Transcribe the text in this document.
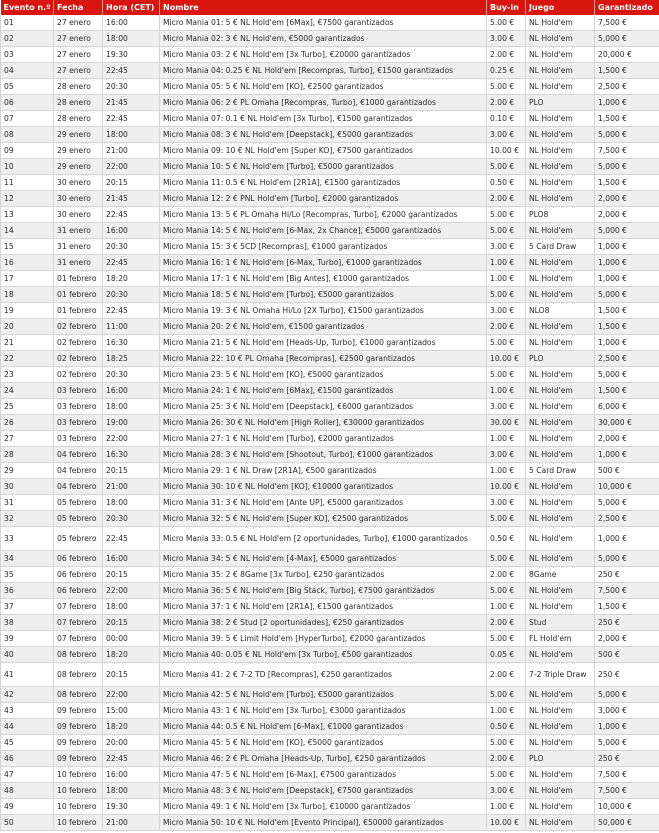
Evento n.º	Fecha	Hora (CET)	Nombre	Buy-in	Juego	Garantizado
01	27 enero	16:00	Micro Mania 01: 5 € NL Hold'em [6Max], €7500 garantizados	5.00 €	NL Hold'em	7,500 €
02	27 enero	18:00	Micro Mania 02: 3 € NL Hold'em, €5000 garantizados	3.00 €	NL Hold'em	5,000 €
03	27 enero	19:30	Micro Mania 03: 2 € NL Hold'em [3x Turbo], €20000 garantizados	2.00 €	NL Hold'em	20,000 €
04	27 enero	22:45	Micro Mania 04: 0.25 € NL Hold'em [Recompras, Turbo], €1500 garantizados	0.25 €	NL Hold'em	1,500 €
05	28 enero	20:30	Micro Mania 05: 5 € NL Hold'em [KO], €2500 garantizados	5.00 €	NL Hold'em	2,500 €
06	28 enero	21:45	Micro Mania 06: 2 € PL Omaha [Recompras, Turbo], €1000 garantizados	2.00 €	PLO	1,000 €
07	28 enero	22:45	Micro Mania 07: 0.1 € NL Hold'em [3x Turbo], €1500 garantizados	0.10 €	NL Hold'em	1,500 €
08	29 enero	18:00	Micro Mania 08: 3 € NL Hold'em [Deepstack], €5000 garantizados	3.00 €	NL Hold'em	5,000 €
09	29 enero	21:00	Micro Mania 09: 10 € NL Hold'em [Super KO], €7500 garantizados	10.00 €	NL Hold'em	7,500 €
10	29 enero	22:00	Micro Mania 10: 5 € NL Hold'em [Turbo], €5000 garantizados	5.00 €	NL Hold'em	5,000 €
11	30 enero	20:15	Micro Mania 11: 0.5 € NL Hold'em [2R1A], €1500 garantizados	0.50 €	NL Hold'em	1,500 €
12	30 enero	21:45	Micro Mania 12: 2 € PNL Hold'em [Turbo], €2000 garantizados	2.00 €	NL Hold'em	2,000 €
13	30 enero	22:45	Micro Mania 13: 5 € PL Omaha Hi/Lo [Recompras, Turbo], €2000 garantizados	5.00 €	PLO8	2,000 €
14	31 enero	16:00	Micro Mania 14: 5 € NL Hold'em [6-Max, 2x Chance], €5000 garantizados	5.00 €	NL Hold'em	5,000 €
15	31 enero	20:30	Micro Mania 15: 3 € 5CD [Recompras], €1000 garantizados	3.00 €	5 Card Draw	1,000 €
16	31 enero	22:45	Micro Mania 16: 1 € NL Hold'em [6-Max, Turbo], €1000 garantizados	1.00 €	NL Hold'em	1,000 €
17	01 febrero	18:20	Micro Mania 17: 1 € NL Hold'em [Big Antes], €1000 garantizados	1.00 €	NL Hold'em	1,000 €
18	01 febrero	20:30	Micro Mania 18: 5 € NL Hold'em [Turbo], €5000 garantizados	5.00 €	NL Hold'em	5,000 €
19	01 febrero	22:45	Micro Mania 19: 3 € NL Omaha Hi/Lo [2X Turbo], €1500 garantizados	3.00 €	NLO8	1,500 €
20	02 febrero	11:00	Micro Mania 20: 2 € NL Hold'em, €1500 garantizados	2.00 €	NL Hold'em	1,500 €
21	02 febrero	16:30	Micro Mania 21: 5 € NL Hold'em [Heads-Up, Turbo], €1000 garantizados	5.00 €	NL Hold'em	1,000 €
22	02 febrero	18:25	Micro Mania 22: 10 € PL Omaha [Recompras], €2500 garantizados	10.00 €	PLO	2,500 €
23	02 febrero	20:30	Micro Mania 23: 5 € NL Hold'em [KO], €5000 garantizados	5.00 €	NL Hold'em	5,000 €
24	03 febrero	16:00	Micro Mania 24: 1 € NL Hold'em [6Max], €1500 garantizados	1.00 €	NL Hold'em	1,500 €
25	03 febrero	18:00	Micro Mania 25: 3 € NL Hold'em [Deepstack], €6000 garantizados	3.00 €	NL Hold'em	6,000 €
26	03 febrero	19:00	Micro Mania 26: 30 € NL Hold'em [High Roller], €30000 garantizados	30.00 €	NL Hold'em	30,000 €
27	03 febrero	22:00	Micro Mania 27: 1 € NL Hold'em [Turbo], €2000 garantizados	1.00 €	NL Hold'em	2,000 €
28	04 febrero	16:30	Micro Mania 28: 3 € NL Hold'em [Shootout, Turbo], €1000 garantizados	3.00 €	NL Hold'em	1,000 €
29	04 febrero	20:15	Micro Mania 29: 1 € NL Draw [2R1A], €500 garantizados	1.00 €	5 Card Draw	500 €
30	04 febrero	21:00	Micro Mania 30: 10 € NL Hold'em [KO], €10000 garantizados	10.00 €	NL Hold'em	10,000 €
31	05 febrero	18:00	Micro Mania 31: 3 € NL Hold'em [Ante UP], €5000 garantizados	3.00 €	NL Hold'em	5,000 €
32	05 febrero	20:30	Micro Mania 32: 5 € NL Hold'em [Super KO], €2500 garantizados	5.00 €	NL Hold'em	2,500 €
33	05 febrero	22:45	Micro Mania 33: 0.5 € NL Hold'em [2 oportunidades, Turbo], €1000 garantizados	0.50 €	NL Hold'em	1,000 €
34	06 febrero	16:00	Micro Mania 34: 5 € NL Hold'em [4-Max], €5000 garantizados	5.00 €	NL Hold'em	5,000 €
35	06 febrero	20:15	Micro Mania 35: 2 € 8Game [3x Turbo], €250 garantizados	2.00 €	8Game	250 €
36	06 febrero	22:00	Micro Mania 36: 5 € NL Hold'em [Big Stack, Turbo], €7500 garantizados	5.00 €	NL Hold'em	7,500 €
37	07 febrero	18:00	Micro Mania 37: 1 € NL Hold'em [2R1A], €1500 garantizados	1.00 €	NL Hold'em	1,500 €
38	07 febrero	20:15	Micro Mania 38: 2 € Stud [2 oportunidades], €250 garantizados	2.00 €	Stud	250 €
39	07 febrero	00:00	Micro Mania 39: 5 € Limit Hold'em [HyperTurbo], €2000 garantizados	5.00 €	FL Hold'em	2,000 €
40	08 febrero	18:20	Micro Mania 40: 0.05 € NL Hold'em [3x Turbo], €500 garantizados	0.05 €	NL Hold'em	500 €
41	08 febrero	20:15	Micro Mania 41: 2 € 7-2 TD [Recompras], €250 garantizados	2.00 €	7-2 Triple Draw	250 €
42	08 febrero	22:00	Micro Mania 42: 5 € NL Hold'em [Turbo], €5000 garantizados	5.00 €	NL Hold'em	5,000 €
43	09 febrero	15:00	Micro Mania 43: 1 € NL Hold'em [3x Turbo], €3000 garantizados	1.00 €	NL Hold'em	3,000 €
44	09 febrero	18:20	Micro Mania 44: 0.5 € NL Hold'em [6-Max], €1000 garantizados	0.50 €	NL Hold'em	1,000 €
45	09 febrero	20:00	Micro Mania 45: 5 € NL Hold'em [KO], €5000 garantizados	5.00 €	NL Hold'em	5,000 €
46	09 febrero	22:45	Micro Mania 46: 2 € PL Omaha [Heads-Up, Turbo], €250 garantizados	2.00 €	PLO	250 €
47	10 febrero	16:00	Micro Mania 47: 5 € NL Hold'em [6-Max], €7500 garantizados	5.00 €	NL Hold'em	7,500 €
48	10 febrero	18:00	Micro Mania 48: 3 € NL Hold'em [Deepstack], €7500 garantizados	3.00 €	NL Hold'em	7,500 €
49	10 febrero	19:30	Micro Mania 49: 1 € NL Hold'em [3x Turbo], €10000 garantizados	1.00 €	NL Hold'em	10,000 €
50	10 febrero	21:00	Micro Mania 50: 10 € NL Hold'em [Evento Principal], €50000 garantizados	10.00 €	NL Hold'em	50,000 €
